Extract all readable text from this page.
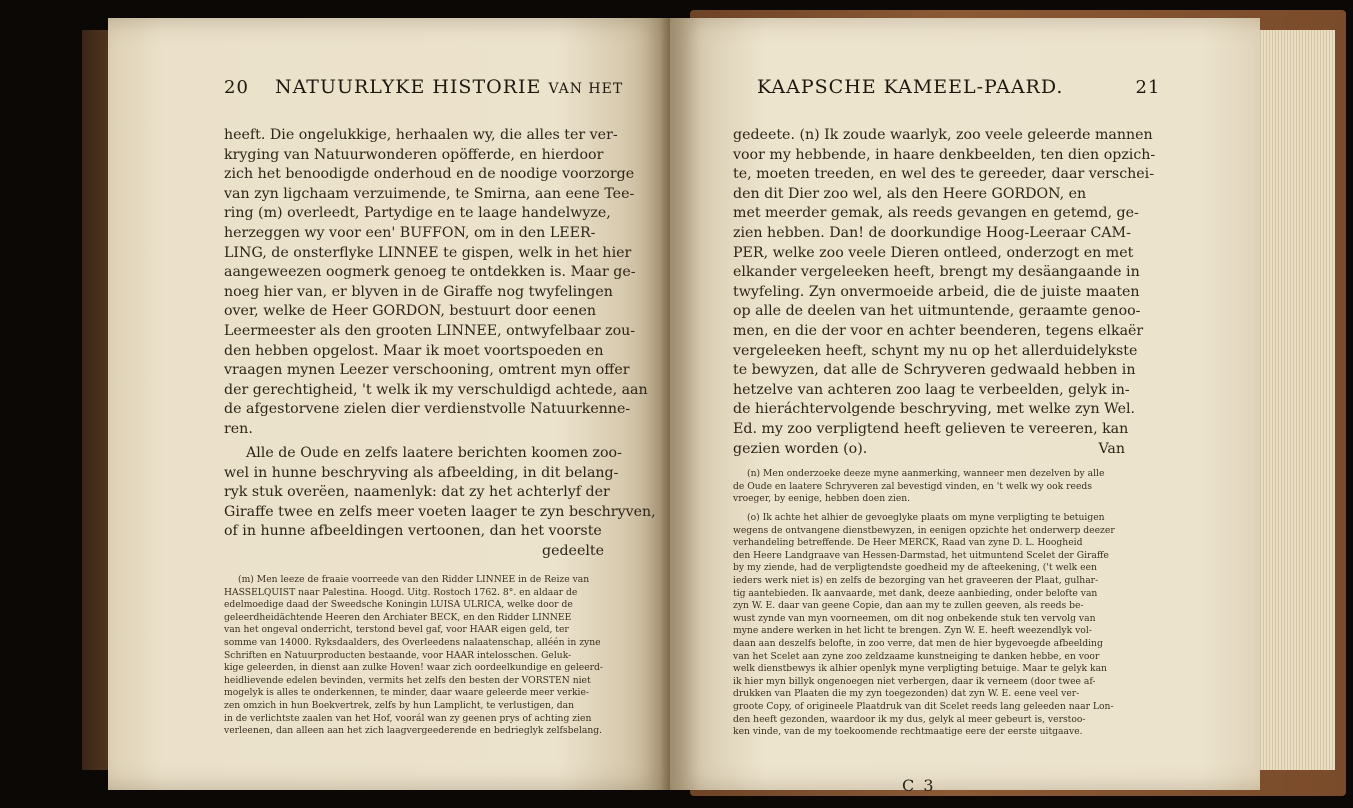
20 NATUURLYKE HISTORIE VAN HET
heeft. Die ongelukkige, herhaalen wy, die alles ter ver-
kryging van Natuurwonderen opöfferde, en hierdoor
zich het benoodigde onderhoud en de noodige voorzorge
van zyn ligchaam verzuimende, te Smirna, aan eene Tee-
ring (m) overleedt, Partydige en te laage handelwyze,
herzeggen wy voor een' BUFFON, om in den LEER-
LING, de onsterflyke LINNEE te gispen, welk in het hier
aangeweezen oogmerk genoeg te ontdekken is. Maar ge-
noeg hier van, er blyven in de Giraffe nog twyfelingen
over, welke de Heer GORDON, bestuurt door eenen
Leermeester als den grooten LINNEE, ontwyfelbaar zou-
den hebben opgelost. Maar ik moet voortspoeden en
vraagen mynen Leezer verschooning, omtrent myn offer
der gerechtigheid, 't welk ik my verschuldigd achtede, aan
de afgestorvene zielen dier verdienstvolle Natuurkenne-
ren.
Alle de Oude en zelfs laatere berichten koomen zoo-
wel in hunne beschryving als afbeelding, in dit belang-
ryk stuk overëen, naamenlyk: dat zy het achterlyf der
Giraffe twee en zelfs meer voeten laager te zyn beschryven,
of in hunne afbeeldingen vertoonen, dan het voorste
gedeelte
(m) Men leeze de fraaie voorreede van den Ridder LINNEE in de Reize van
HASSELQUIST naar Palestina. Hoogd. Uitg. Rostoch 1762. 8°. en aldaar de
edelmoedige daad der Sweedsche Koningin LUISA ULRICA, welke door de
geleerdheidächtende Heeren den Archiater BECK, en den Ridder LINNEE
van het ongeval onderricht, terstond bevel gaf, voor HAAR eigen geld, ter
somme van 14000. Ryksdaalders, des Overleedens nalaatenschap, alléén in zyne
Schriften en Natuurproducten bestaande, voor HAAR intelosschen. Geluk-
kige geleerden, in dienst aan zulke Hoven! waar zich oordeelkundige en geleerd-
heidlievende edelen bevinden, vermits het zelfs den besten der VORSTEN niet
mogelyk is alles te onderkennen, te minder, daar waare geleerde meer verkie-
zen omzich in hun Boekvertrek, zelfs by hun Lamplicht, te verlustigen, dan
in de verlichtste zaalen van het Hof, voorál wan zy geenen prys of achting zien
verleenen, dan alleen aan het zich laagvergeederende en bedrieglyk zelfsbelang.
KAAPSCHE KAMEEL-PAARD.	21
gedeete. (n) Ik zoude waarlyk, zoo veele geleerde mannen
voor my hebbende, in haare denkbeelden, ten dien opzich-
te, moeten treeden, en wel des te gereeder, daar verschei-
den dit Dier zoo wel, als den Heere GORDON, en
met meerder gemak, als reeds gevangen en getemd, ge-
zien hebben. Dan! de doorkundige Hoog-Leeraar CAM-
PER, welke zoo veele Dieren ontleed, onderzogt en met
elkander vergeleeken heeft, brengt my desäangaande in
twyfeling. Zyn onvermoeide arbeid, die de juiste maaten
op alle de deelen van het uitmuntende, geraamte genoo-
men, en die der voor en achter beenderen, tegens elkaër
vergeleeken heeft, schynt my nu op het allerduidelykste
te bewyzen, dat alle de Schryveren gedwaald hebben in
hetzelve van achteren zoo laag te verbeelden, gelyk in-
de hieráchtervolgende beschryving, met welke zyn Wel.
Ed. my zoo verpligtend heeft gelieven te vereeren, kan
gezien worden (o).	Van
(n) Men onderzoeke deeze myne aanmerking, wanneer men dezelven by alle
de Oude en laatere Schryveren zal bevestigd vinden, en 't welk wy ook reeds
vroeger, by eenige, hebben doen zien.
(o) Ik achte het alhier de gevoeglyke plaats om myne verpligting te betuigen
wegens de ontvangene dienstbewyzen, in eenigen opzichte het onderwerp deezer
verhandeling betreffende. De Heer MERCK, Raad van zyne D. L. Hoogheid
den Heere Landgraave van Hessen-Darmstad, het uitmuntend Scelet der Giraffe
by my ziende, had de verpligtendste goedheid my de afteekening, ('t welk een
ieders werk niet is) en zelfs de bezorging van het graveeren der Plaat, gulhar-
tig aantebieden. Ik aanvaarde, met dank, deeze aanbieding, onder belofte van
zyn W. E. daar van geene Copie, dan aan my te zullen geeven, als reeds be-
wust zynde van myn voorneemen, om dit nog onbekende stuk ten vervolg van
myne andere werken in het licht te brengen. Zyn W. E. heeft weezendlyk vol-
daan aan deszelfs belofte, in zoo verre, dat men de hier bygevoegde afbeelding
van het Scelet aan zyne zoo zeldzaame kunstneiging te danken hebbe, en voor
welk dienstbewys ik alhier openlyk myne verpligting betuige. Maar te gelyk kan
ik hier myn billyk ongenoegen niet verbergen, daar ik verneem (door twee af-
drukken van Plaaten die my zyn toegezonden) dat zyn W. E. eene veel ver-
groote Copy, of origineele Plaatdruk van dit Scelet reeds lang geleeden naar Lon-
den heeft gezonden, waardoor ik my dus, gelyk al meer gebeurt is, verstoo-
ken vinde, van de my toekoomende rechtmaatige eere der eerste uitgaave.
C 3
